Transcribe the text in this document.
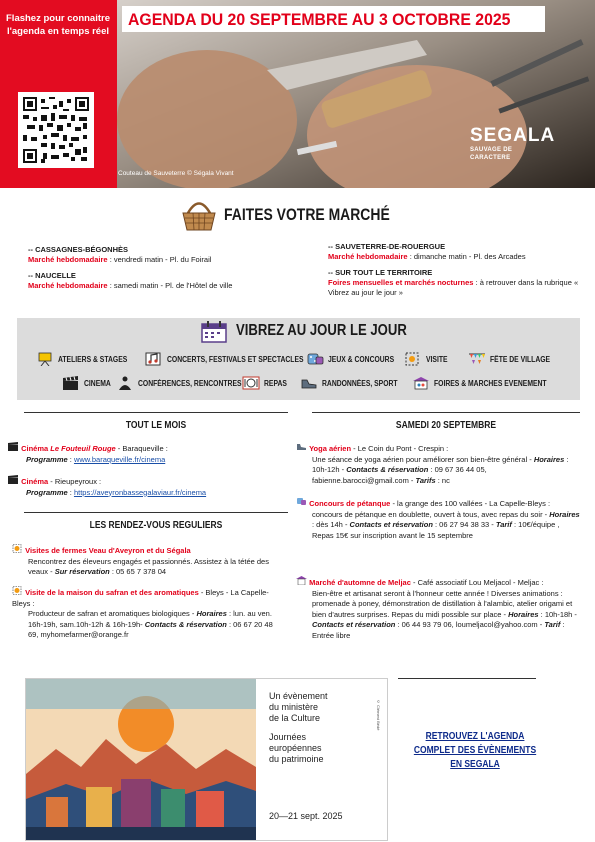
Flashez pour connaitre l'agenda en temps réel
AGENDA DU 20 SEPTEMBRE AU 3 OCTOBRE 2025
Couteau de Sauveterre © Ségala Vivant
SEGALA
SAUVAGE DE CARACTERE
FAITES VOTRE MARCHÉ
-- CASSAGNES-BÉGONHÈS
Marché hebdomadaire : vendredi matin - Pl. du Foirail
-- NAUCELLE
Marché hebdomadaire : samedi matin - Pl. de l'Hôtel de ville
-- SAUVETERRE-DE-ROUERGUE
Marché hebdomadaire : dimanche matin - Pl. des Arcades
-- SUR TOUT LE TERRITOIRE
Foires mensuelles et marchés nocturnes : à retrouver dans la rubrique « Vibrez au jour le jour »
VIBREZ AU JOUR LE JOUR
ATELIERS & STAGES	CONCERTS, FESTIVALS ET SPECTACLES	JEUX & CONCOURS	VISITE	FÊTE DE VILLAGE
CINEMA	CONFÉRENCES, RENCONTRES	REPAS	RANDONNÉES, SPORT	FOIRES & MARCHES EVENEMENT
TOUT LE MOIS
Cinéma Le Fouteuil Rouge - Baraqueville :
Programme : www.baraqueville.fr/cinema
Cinéma - Rieupeyroux :
Programme : https://aveyronbassegalaviaur.fr/cinema
LES RENDEZ-VOUS REGULIERS
Visites de fermes Veau d'Aveyron et du Ségala
Rencontrez des éleveurs engagés et passionnés. Assistez à la tétée des veaux - Sur réservation : 05 65 7 378 04
Visite de la maison du safran et des aromatiques - Bleys - La Capelle-Bleys :
Producteur de safran et aromatiques biologiques - Horaires : lun. au ven. 16h-19h, sam.10h-12h & 16h-19h- Contacts & réservation : 06 67 20 48 69, myhomefarmer@orange.fr
SAMEDI 20 SEPTEMBRE
Yoga aérien - Le Coin du Pont - Crespin :
Une séance de yoga aérien pour améliorer son bien-être général - Horaires : 10h-12h - Contacts & réservation : 09 67 36 44 05, fabienne.barocci@gmail.com - Tarifs : nc
Concours de pétanque - la grange des 100 vallées - La Capelle-Bleys :
concours de pétanque en doublette, ouvert à tous, avec repas du soir - Horaires : dès 14h - Contacts et réservation : 06 27 94 38 33 - Tarif : 10€/équipe , Repas 15€ sur inscription avant le 15 septembre
Marché d'automne de Meljac - Café associatif Lou Meljacol - Meljac :
Bien-être et artisanat seront à l'honneur cette année ! Diverses animations : promenade à poney, démonstration de distillation à l'alambic, atelier origami et bien d'autres surprises. Repas du midi possible sur place - Horaires : 10h-18h - Contacts et réservation : 06 44 93 79 06, loumeljacol@yahoo.com - Tarif : Entrée libre
Un évènement
du ministère
de la Culture
Journées
européennes
du patrimoine
20—21 sept. 2025
© Clément Bédé
RETROUVEZ L'AGENDA COMPLET DES ÉVÈNEMENTS EN SEGALA
